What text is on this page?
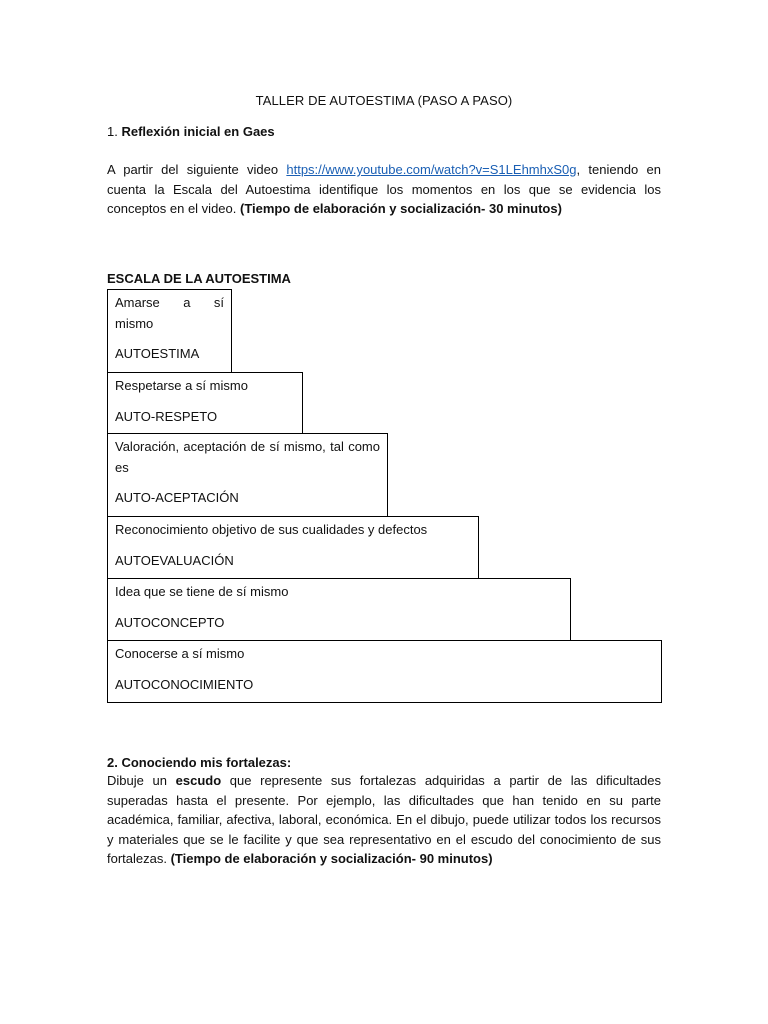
TALLER DE AUTOESTIMA (PASO A PASO)

1. Reflexión inicial en Gaes

A partir del siguiente video https://www.youtube.com/watch?v=S1LEhmhxS0g, teniendo en cuenta la Escala del Autoestima identifique los momentos en los que se evidencia los conceptos en el video. (Tiempo de elaboración y socialización- 30 minutos)

ESCALA DE LA AUTOESTIMA
Amarse a sí mismo
AUTOESTIMA
Respetarse a sí mismo
AUTO-RESPETO
Valoración, aceptación de sí mismo, tal como es
AUTO-ACEPTACIÓN
Reconocimiento objetivo de sus cualidades y defectos
AUTOEVALUACIÓN
Idea que se tiene de sí mismo
AUTOCONCEPTO
Conocerse a sí mismo
AUTOCONOCIMIENTO

2. Conociendo mis fortalezas:

Dibuje un escudo que represente sus fortalezas adquiridas a partir de las dificultades superadas hasta el presente. Por ejemplo, las dificultades que han tenido en su parte académica, familiar, afectiva, laboral, económica. En el dibujo, puede utilizar todos los recursos y materiales que se le facilite y que sea representativo en el escudo del conocimiento de sus fortalezas. (Tiempo de elaboración y socialización- 90 minutos)
